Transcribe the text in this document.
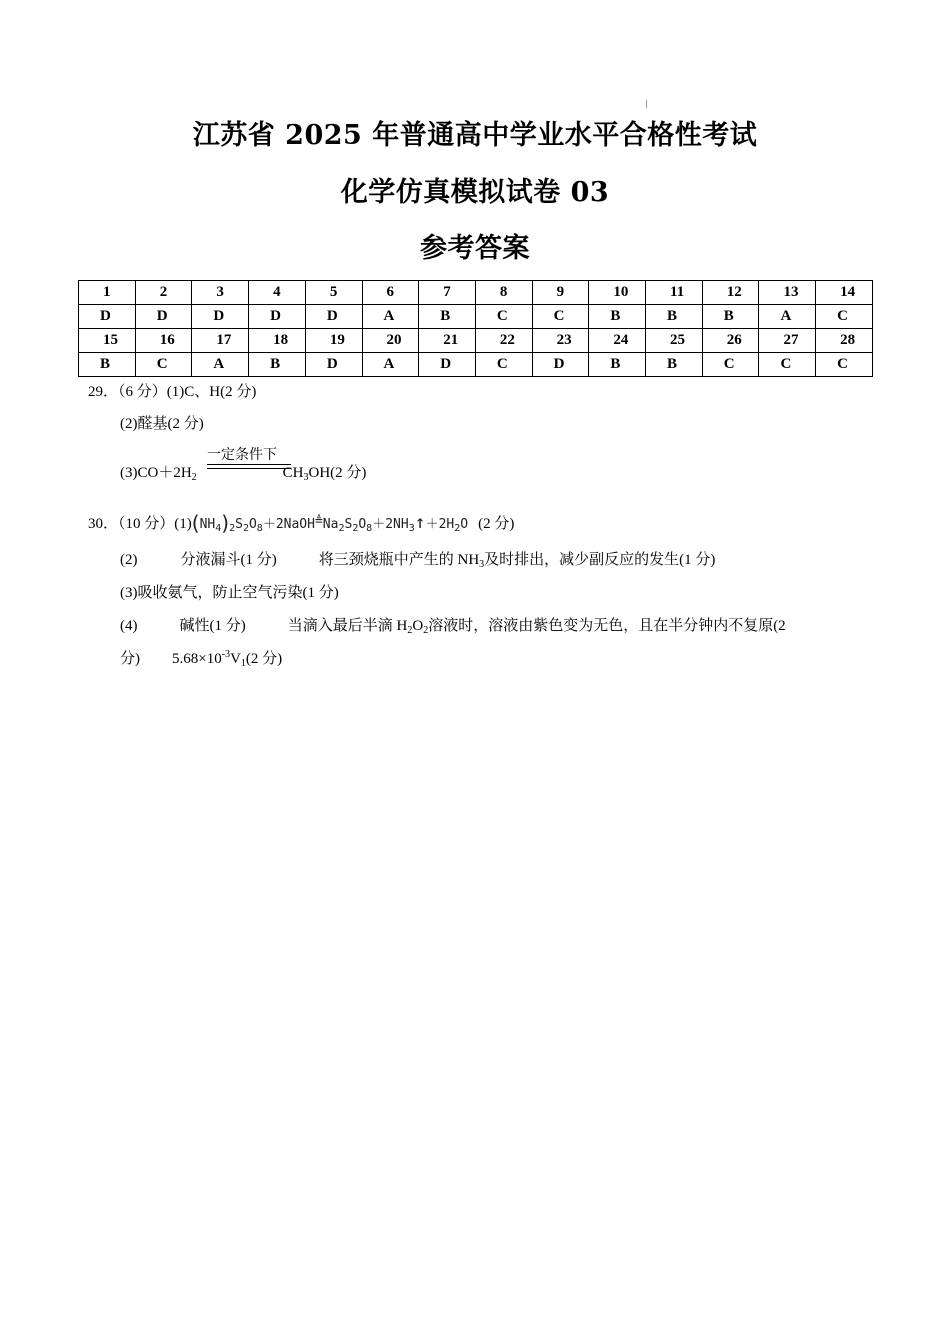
江苏省 2025 年普通高中学业水平合格性考试
化学仿真模拟试卷 03
参考答案
1	2	3	4	5	6	7	8	9	10	11	12	13	14
D	D	D	D	D	A	B	C	C	B	B	B	A	C
15	16	17	18	19	20	21	22	23	24	25	26	27	28
B	C	A	B	D	A	D	C	D	B	B	C	C	C
29．（6 分）(1)C、H(2 分)
(2)醛基(2 分)
$(3)CO+2H_2$	$CH_3OH(2$ 分)
一定条件下
30．（10 分）$(1)(NH_4)_2S_2O_8+2NaOH≜Na_2S_2O_8+2NH_3↑+2H_2O$ (2 分)
(2)	分液漏斗(1 分)	将三颈烧瓶中产生的 $NH_3$及时排出，减少副反应的发生(1 分)
(3)吸收氨气，防止空气污染(1 分)
(4)	碱性(1 分)	当滴入最后半滴 $H_2O_2$溶液时，溶液由紫色变为无色，且在半分钟内不复原(2
分) $5.68\times 10^{-3}V_1(2$ 分)
